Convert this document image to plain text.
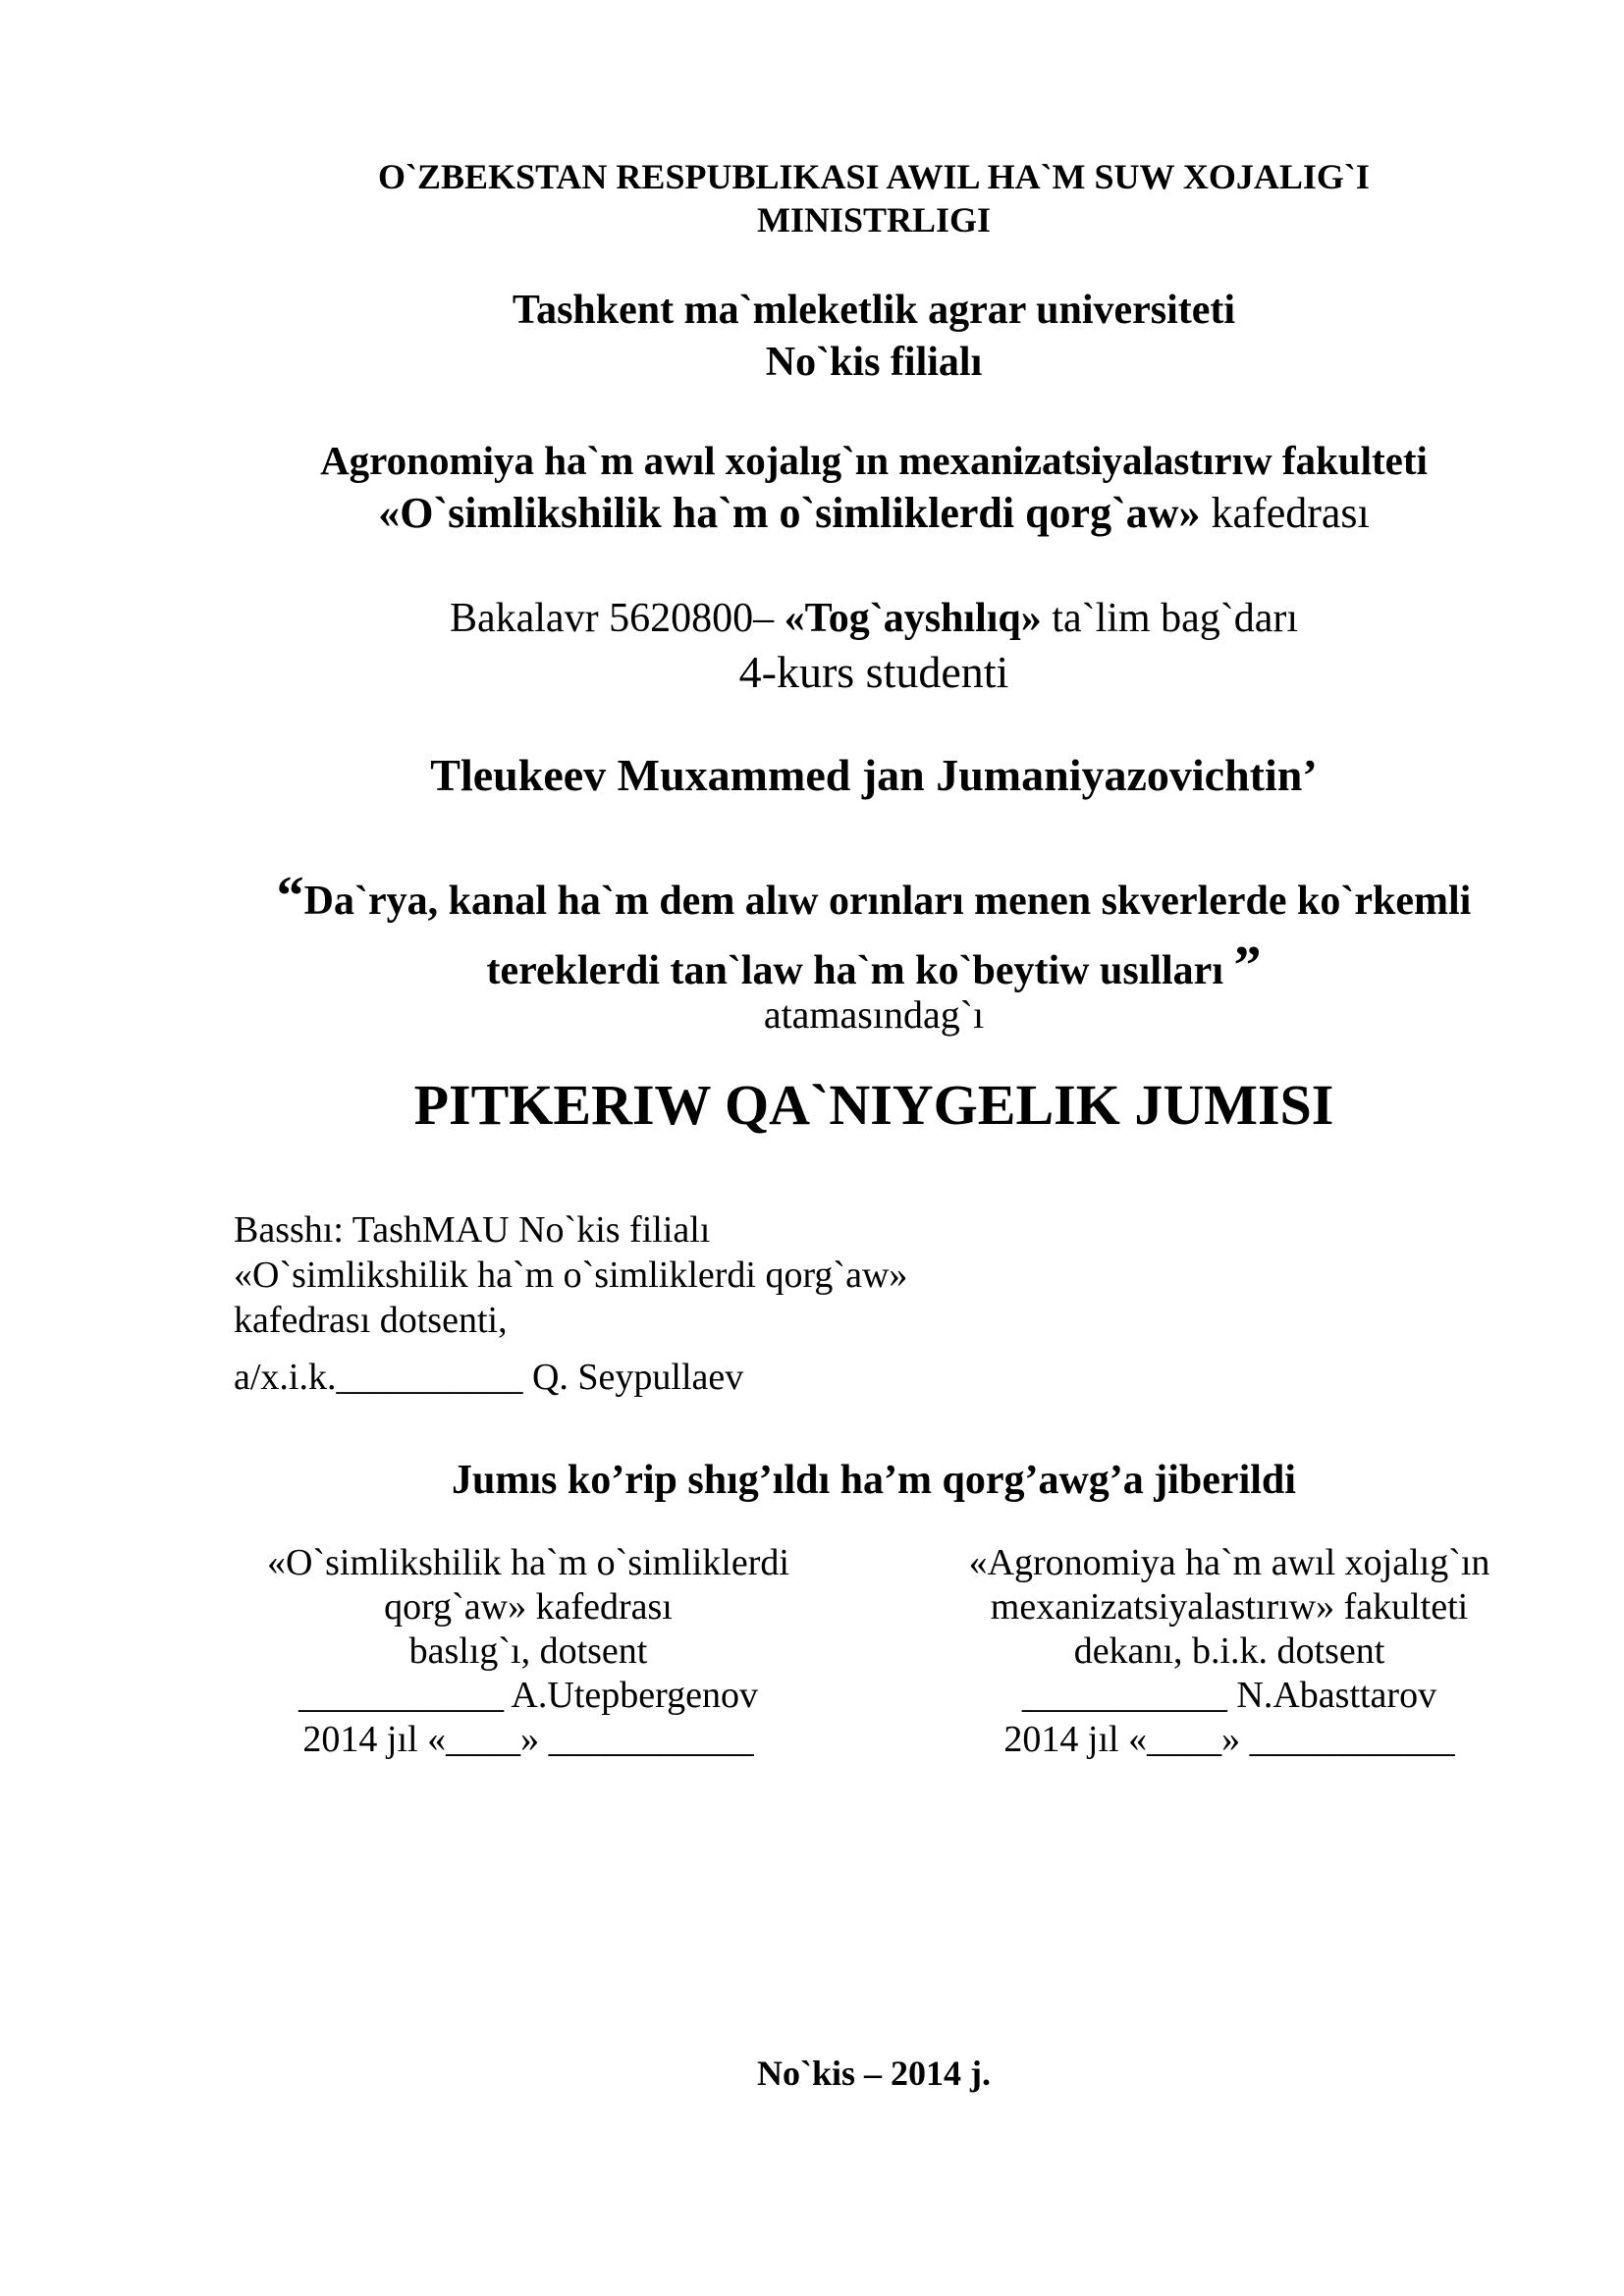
O`ZBEKSTAN RESPUBLIKASI AWIL HA`M SUW XOJALIG`I
MINISTRLIGI
Tashkent ma`mleketlik agrar universiteti
No`kis filialı
Agronomiya ha`m awıl xojalıg`ın mexanizatsiyalastırıw fakulteti
«O`simlikshilik ha`m o`simliklerdi qorg`aw» kafedrası
Bakalavr 5620800– «Tog`ayshılıq» ta`lim bag`darı
4-kurs studenti
Tleukeev Muxammed jan Jumaniyazovichtin’
“Da`rya, kanal ha`m dem alıw orınları menen skverlerde ko`rkemli
tereklerdi tan`law ha`m ko`beytiw usılları ”
atamasındag`ı
PITKERIW QA`NIYGELIK JUMISI
Basshı: TashMAU No`kis filialı
«O`simlikshilik ha`m o`simliklerdi qorg`aw»
kafedrası dotsenti,
a/x.i.k.__________ Q. Seypullaev
Jumıs ko’rip shıg’ıldı ha’m qorg’awg’a jiberildi
«O`simlikshilik ha`m o`simliklerdi
qorg`aw» kafedrası
baslıg`ı, dotsent
___________ A.Utepbergenov
2014 jıl «____» ___________
«Agronomiya ha`m awıl xojalıg`ın
mexanizatsiyalastırıw» fakulteti
dekanı, b.i.k. dotsent
___________ N.Abasttarov
2014 jıl «____» ___________
No`kis – 2014 j.
